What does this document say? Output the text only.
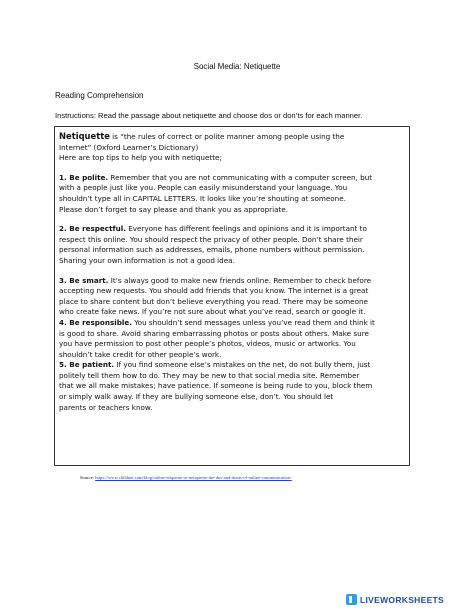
Social Media: Netiquette
Reading Comprehension
Instructions: Read the passage about netiquette and choose dos or don’ts for each manner.

Netiquette is “the rules of correct or polite manner among people using the

Internet” (Oxford Learner’s Dictionary)

Here are top tips to help you with netiquette;

1. Be polite. Remember that you are not communicating with a computer screen, but

with a people just like you. People can easily misunderstand your language. You

shouldn’t type all in CAPITAL LETTERS. It looks like you’re shouting at someone.

Please don’t forget to say please and thank you as appropriate.

2. Be respectful. Everyone has different feelings and opinions and it is important to

respect this online. You should respect the privacy of other people. Don’t share their

personal information such as addresses, emails, phone numbers without permission.

Sharing your own information is not a good idea.

3. Be smart. It’s always good to make new friends online. Remember to check before

accepting new requests. You should add friends that you know. The internet is a great

place to share content but don’t believe everything you read. There may be someone

who create fake news. If you’re not sure about what you’ve read, search or google it.

4. Be responsible. You shouldn’t send messages unless you’ve read them and think it

is good to share. Avoid sharing embarrassing photos or posts about others. Make sure

you have permission to post other people’s photos, videos, music or artworks. You

shouldn’t take credit for other people’s work.

5. Be patient. If you find someone else’s mistakes on the net, do not bully them, just

politely tell them how to do. They may be new to that social media site. Remember

that we all make mistakes; have patience. If someone is being rude to you, block them

or simply walk away. If they are bullying someone else, don’t. You should let

parents or teachers know.

Source: https://www.childnet.com/blog/online-etiquette-or-netiquette-the-dos-and-donts-of-online-communication-
LIVEWORKSHEETS
